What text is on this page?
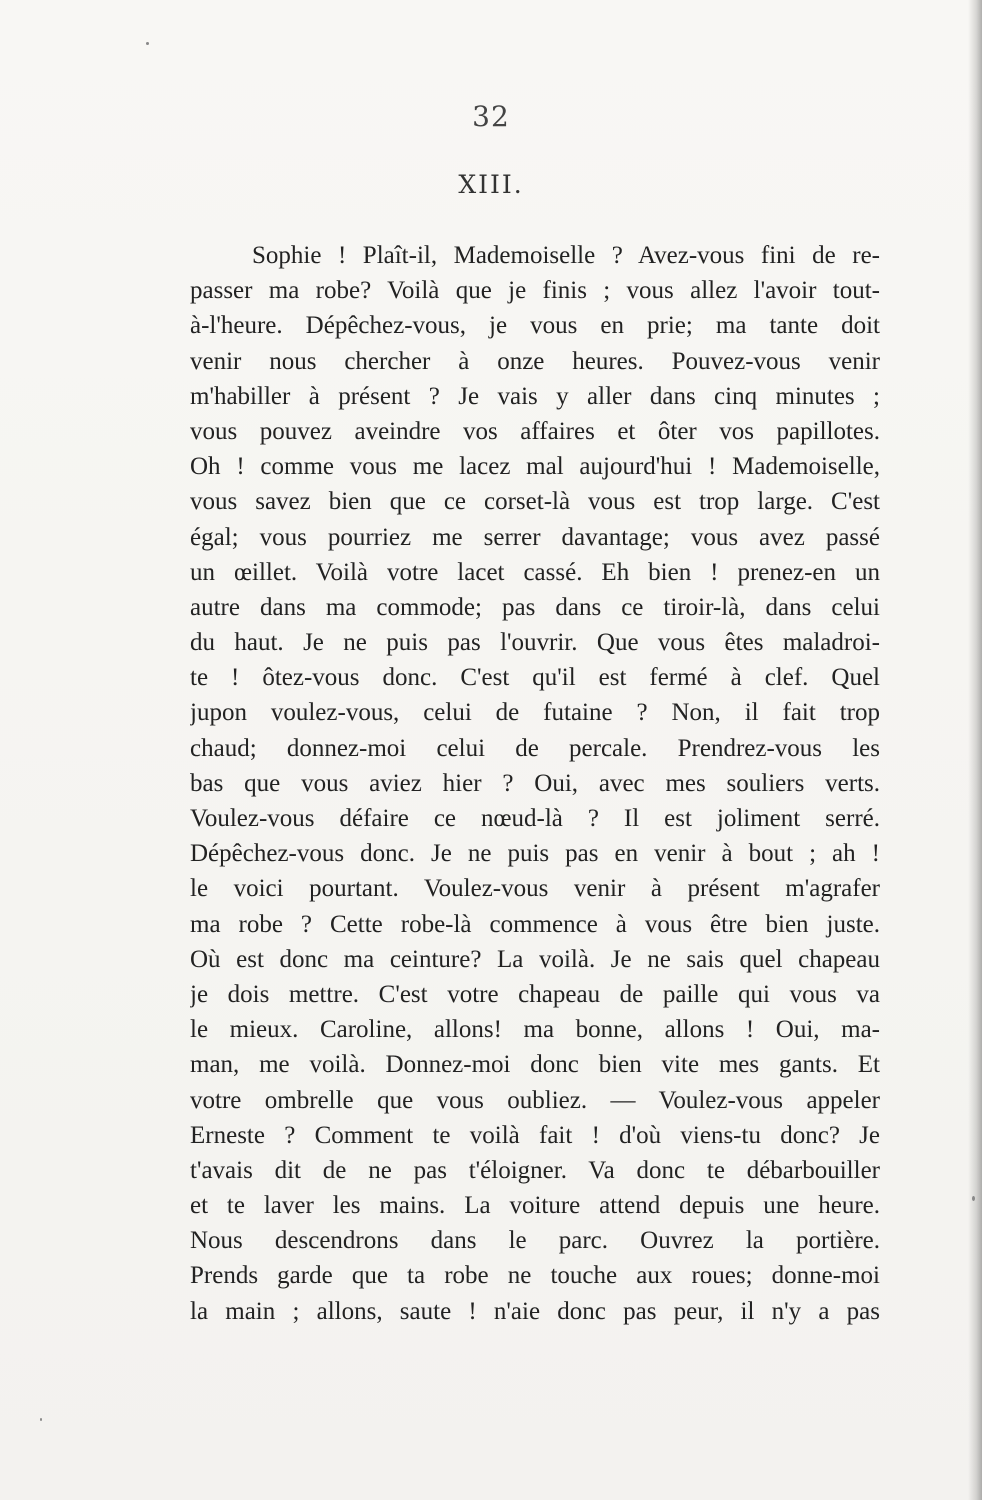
32
XIII.
Sophie ! Plaît-il, Mademoiselle ? Avez-vous fini de re-
passer ma robe? Voilà que je finis ; vous allez l'avoir tout-
à-l'heure. Dépêchez-vous, je vous en prie; ma tante doit
venir nous chercher à onze heures. Pouvez-vous venir
m'habiller à présent ? Je vais y aller dans cinq minutes ;
vous pouvez aveindre vos affaires et ôter vos papillotes.
Oh ! comme vous me lacez mal aujourd'hui ! Mademoiselle,
vous savez bien que ce corset-là vous est trop large. C'est
égal; vous pourriez me serrer davantage; vous avez passé
un œillet. Voilà votre lacet cassé. Eh bien ! prenez-en un
autre dans ma commode; pas dans ce tiroir-là, dans celui
du haut. Je ne puis pas l'ouvrir. Que vous êtes maladroi-
te ! ôtez-vous donc. C'est qu'il est fermé à clef. Quel
jupon voulez-vous, celui de futaine ? Non, il fait trop
chaud; donnez-moi celui de percale. Prendrez-vous les
bas que vous aviez hier ? Oui, avec mes souliers verts.
Voulez-vous défaire ce nœud-là ? Il est joliment serré.
Dépêchez-vous donc. Je ne puis pas en venir à bout ; ah !
le voici pourtant. Voulez-vous venir à présent m'agrafer
ma robe ? Cette robe-là commence à vous être bien juste.
Où est donc ma ceinture? La voilà. Je ne sais quel chapeau
je dois mettre. C'est votre chapeau de paille qui vous va
le mieux. Caroline, allons! ma bonne, allons ! Oui, ma-
man, me voilà. Donnez-moi donc bien vite mes gants. Et
votre ombrelle que vous oubliez. — Voulez-vous appeler
Erneste ? Comment te voilà fait ! d'où viens-tu donc? Je
t'avais dit de ne pas t'éloigner. Va donc te débarbouiller
et te laver les mains. La voiture attend depuis une heure.
Nous descendrons dans le parc. Ouvrez la portière.
Prends garde que ta robe ne touche aux roues; donne-moi
la main ; allons, saute ! n'aie donc pas peur, il n'y a pas
